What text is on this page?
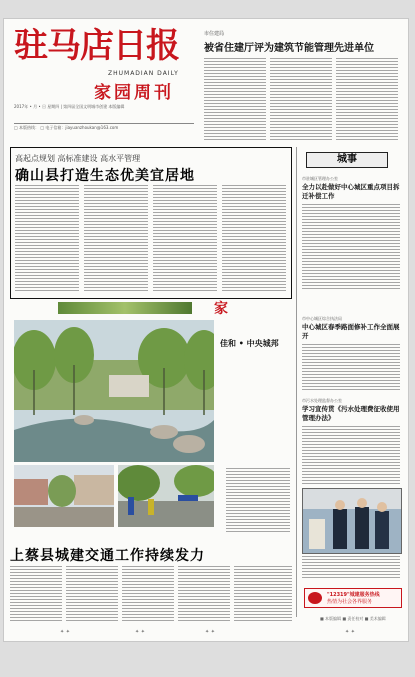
驻马店日报
ZHUMADIAN DAILY
家园周刊
2017年 • 月 • 日 星期四 | 第四届全国文明城市创建 本版编辑
□ 本版热线： □ 电子信箱：jiayuanzhoukan@163.com
市住建局
被省住建厅评为建筑节能管理先进单位
高起点规划 高标准建设 高水平管理
确山县打造生态优美宜居地
家
佳和 • 中央城邦
上蔡县城建交通工作持续发力
城事
市驻城区管理办公室
全力以赴做好中心城区重点项目拆迁补偿工作
市中心城区综合执法局
中心城区春季路面修补工作全面展开
市污水处理监督办公室
学习宣传贯《污水处理费征收使用管理办法》
"12319"城建服务热线
热情为社会各界服务
■ 本版编辑 ■ 责任校对 ■ 美术编辑
✦ ✦	✦ ✦	✦ ✦	✦ ✦
